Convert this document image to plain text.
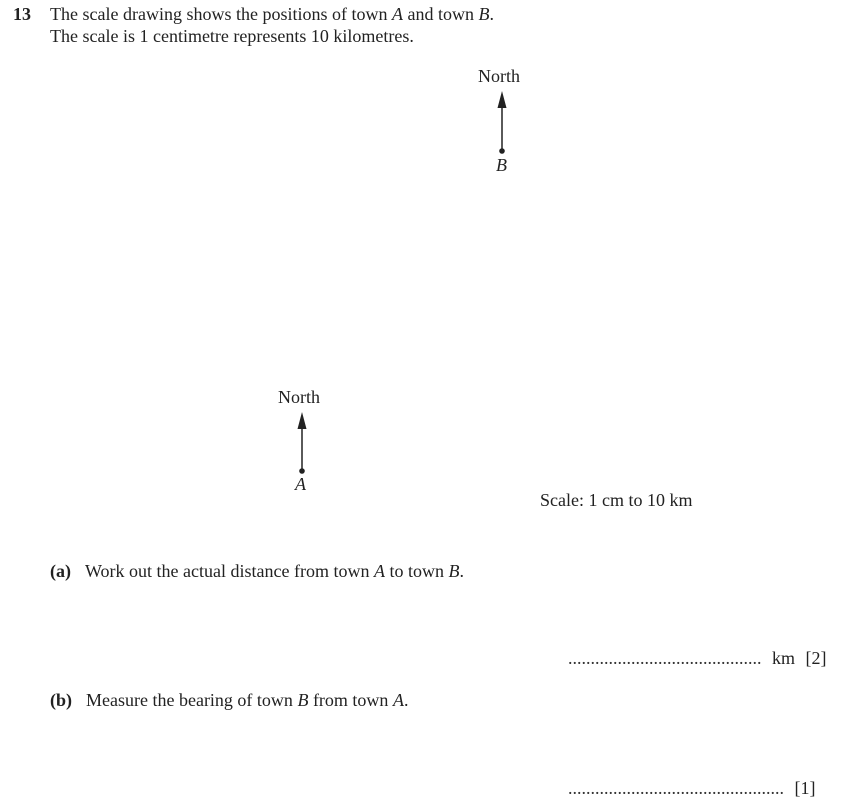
13 The scale drawing shows the positions of town A and town B.
The scale is 1 centimetre represents 10 kilometres.
North
B
North
A
Scale: 1 cm to 10 km
(a) Work out the actual distance from town A to town B.
........................................... km [2]
(b) Measure the bearing of town B from town A.
................................................ [1]
